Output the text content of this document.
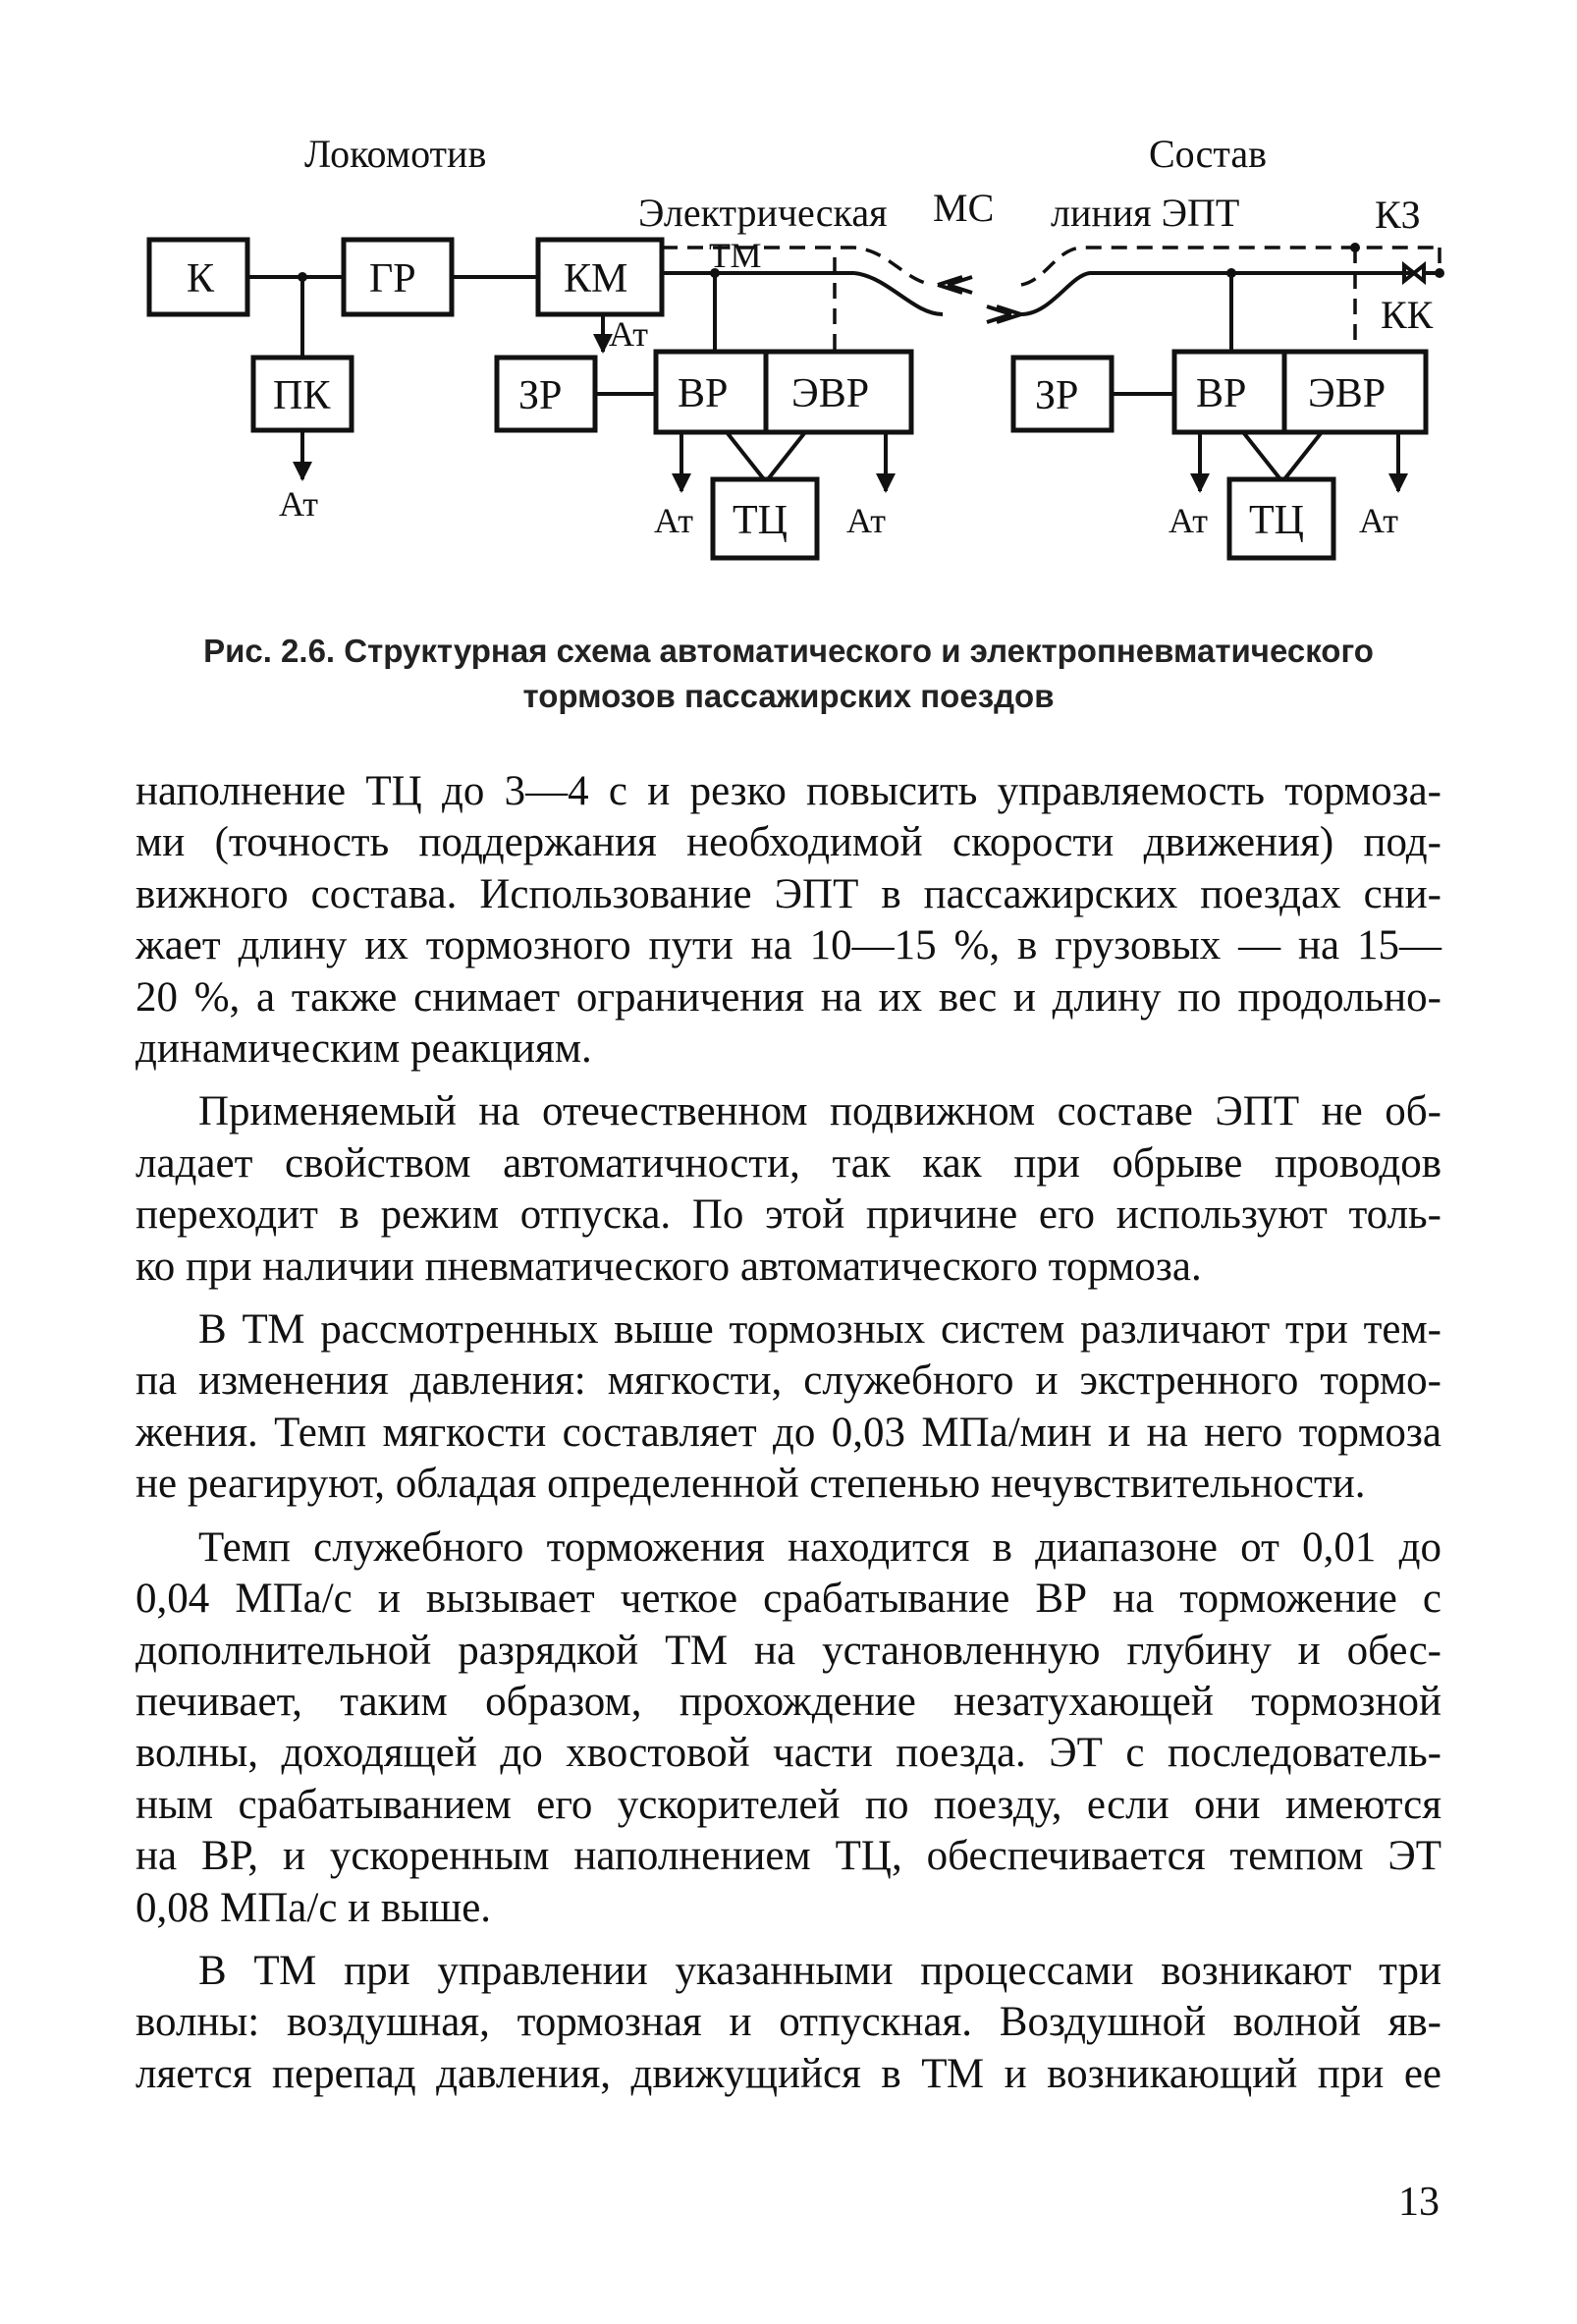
Локомотив	Состав
Электрическая МС линия ЭПТ	КЗ
К	ГР
ПК
КМ
ЗР	ВР ЭВР
ТЦ
ЗР	ВР ЭВР
ТЦ
ТМ
КК
Ат
Ат	Ат	Ат	Ат	Ат
Рис. 2.6. Структурная схема автоматического и электропневматического
тормозов пассажирских поездов
наполнение ТЦ до 3—4 с и резко повысить управляемость тормоза-
ми (точность поддержания необходимой скорости движения) под-
вижного состава. Использование ЭПТ в пассажирских поездах сни-
жает длину их тормозного пути на 10—15 %, в грузовых — на 15—
20 %, а также снимает ограничения на их вес и длину по продольно-
динамическим реакциям.
Применяемый на отечественном подвижном составе ЭПТ не об-
ладает свойством автоматичности, так как при обрыве проводов
переходит в режим отпуска. По этой причине его используют толь-
ко при наличии пневматического автоматического тормоза.
В ТМ рассмотренных выше тормозных систем различают три тем-
па изменения давления: мягкости, служебного и экстренного тормо-
жения. Темп мягкости составляет до 0,03 МПа/мин и на него тормоза
не реагируют, обладая определенной степенью нечувствительности.
Темп служебного торможения находится в диапазоне от 0,01 до
0,04 МПа/с и вызывает четкое срабатывание ВР на торможение с
дополнительной разрядкой ТМ на установленную глубину и обес-
печивает, таким образом, прохождение незатухающей тормозной
волны, доходящей до хвостовой части поезда. ЭТ с последователь-
ным срабатыванием его ускорителей по поезду, если они имеются
на ВР, и ускоренным наполнением ТЦ, обеспечивается темпом ЭТ
0,08 МПа/с и выше.
В ТМ при управлении указанными процессами возникают три
волны: воздушная, тормозная и отпускная. Воздушной волной яв-
ляется перепад давления, движущийся в ТМ и возникающий при ее
13
